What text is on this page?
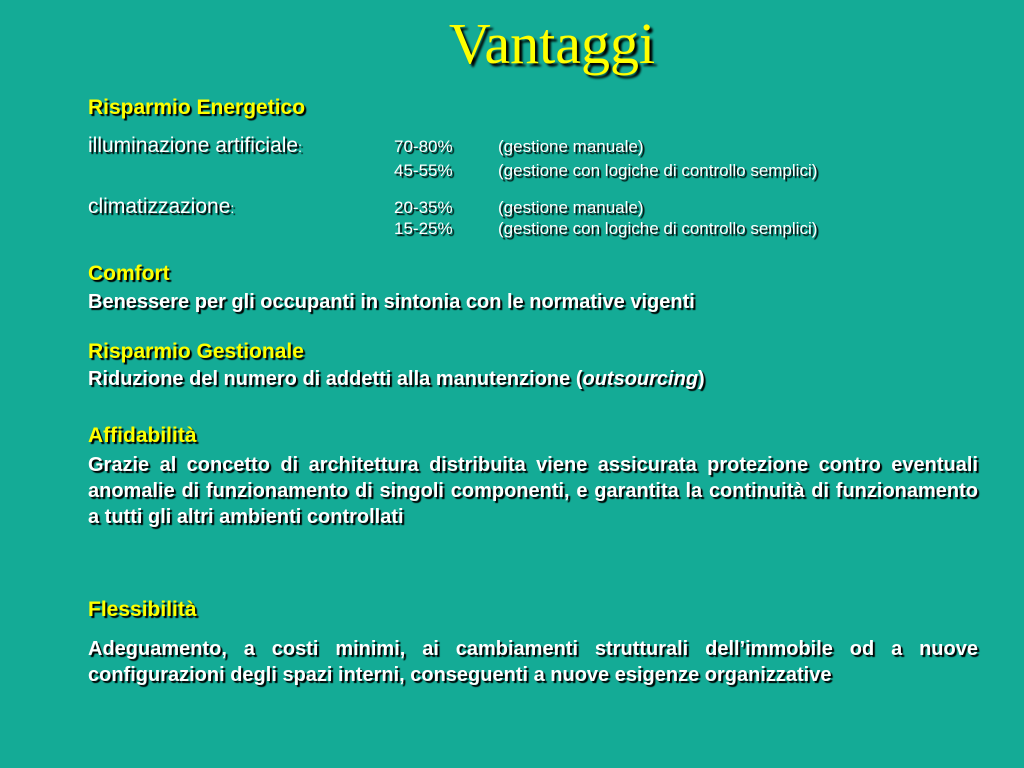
Vantaggi
Risparmio Energetico
illuminazione artificiale:	70-80%	(gestione manuale)
45-55%	(gestione con logiche di controllo semplici)
climatizzazione:	20-35%	(gestione manuale)
15-25%	(gestione con logiche di controllo semplici)
Comfort
Benessere per gli occupanti in sintonia con le normative vigenti
Risparmio Gestionale
Riduzione del numero di addetti alla manutenzione (outsourcing)
Affidabilità
Grazie al concetto di architettura distribuita viene assicurata protezione contro eventuali anomalie di funzionamento di singoli componenti, e garantita la continuità di funzionamento a tutti gli altri ambienti controllati
Flessibilità
Adeguamento, a costi minimi, ai cambiamenti strutturali dell’immobile od a nuove configurazioni degli spazi interni, conseguenti a nuove esigenze organizzative
